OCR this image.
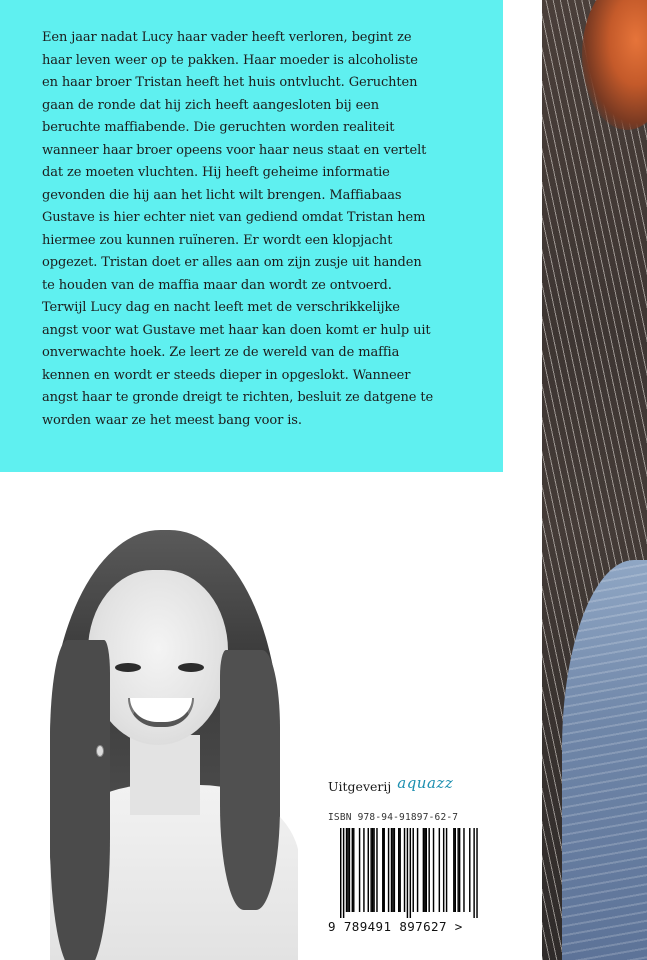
Een jaar nadat Lucy haar vader heeft verloren, begint ze
haar leven weer op te pakken. Haar moeder is alcoholiste
en haar broer Tristan heeft het huis ontvlucht. Geruchten
gaan de ronde dat hij zich heeft aangesloten bij een
beruchte maffiabende. Die geruchten worden realiteit
wanneer haar broer opeens voor haar neus staat en vertelt
dat ze moeten vluchten. Hij heeft geheime informatie
gevonden die hij aan het licht wilt brengen. Maffiabaas
Gustave is hier echter niet van gediend omdat Tristan hem
hiermee zou kunnen ruïneren. Er wordt een klopjacht
opgezet. Tristan doet er alles aan om zijn zusje uit handen
te houden van de maffia maar dan wordt ze ontvoerd.
Terwijl Lucy dag en nacht leeft met de verschrikkelijke
angst voor wat Gustave met haar kan doen komt er hulp uit
onverwachte hoek. Ze leert ze de wereld van de maffia
kennen en wordt er steeds dieper in opgeslokt. Wanneer
angst haar te gronde dreigt te richten, besluit ze datgene te
worden waar ze het meest bang voor is.

Uitgeverij aquazz
ISBN 978-94-91897-62-7
9 789491 897627 >
